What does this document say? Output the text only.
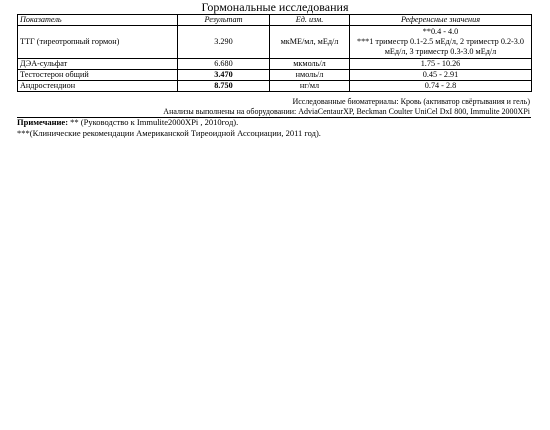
Гормональные исследования
Показатель	Результат	Ед. изм.	Референсные значения
ТТГ (тиреотропный гормон)	3.290	мкМЕ/мл, мЕд/л	**0.4 - 4.0
***1 триместр 0.1-2.5 мЕд/л, 2 триместр 0.2-3.0
мЕд/л, 3 триместр 0.3-3.0 мЕд/л

ДЭА-сульфат	6.680	мкмоль/л	1.75 - 10.26
Тестостерон общий	3.470	нмоль/л	0.45 - 2.91
Андростендион	8.750	нг/мл	0.74 - 2.8
Исследованные биоматериалы: Кровь (активатор свёртывания и гель)
Анализы выполнены на оборудовании: AdviaCentaurXP, Beckman Coulter UniCel DxI 800, Immulite 2000XPi
Примечание: ** (Руководство к Immulite2000XPi , 2010год).
***(Клинические рекомендации Американской Тиреоидной Ассоциации, 2011 год).
